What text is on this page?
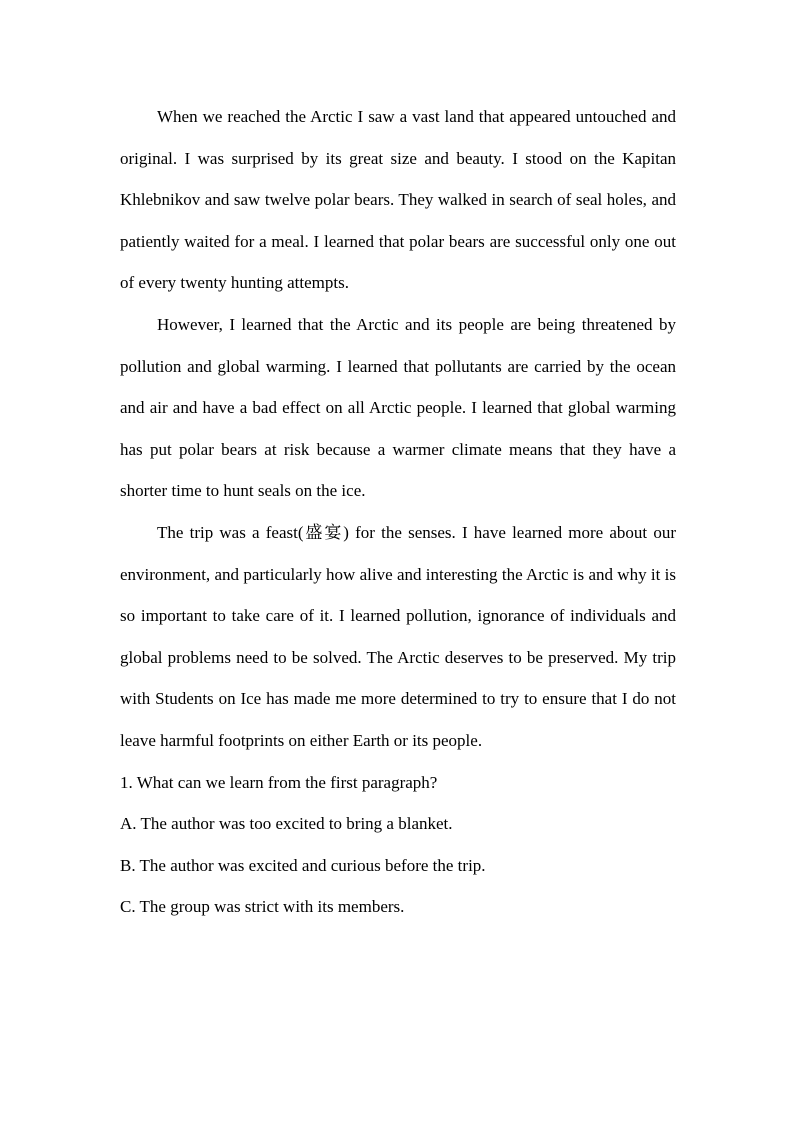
When we reached the Arctic I saw a vast land that appeared untouched and original. I was surprised by its great size and beauty. I stood on the Kapitan Khlebnikov and saw twelve polar bears. They walked in search of seal holes, and patiently waited for a meal. I learned that polar bears are successful only one out of every twenty hunting attempts.

However, I learned that the Arctic and its people are being threatened by pollution and global warming. I learned that pollutants are carried by the ocean and air and have a bad effect on all Arctic people. I learned that global warming has put polar bears at risk because a warmer climate means that they have a shorter time to hunt seals on the ice.

The trip was a feast(盛宴) for the senses. I have learned more about our environment, and particularly how alive and interesting the Arctic is and why it is so important to take care of it. I learned pollution, ignorance of individuals and global problems need to be solved. The Arctic deserves to be preserved. My trip with Students on Ice has made me more determined to try to ensure that I do not leave harmful footprints on either Earth or its people.

1. What can we learn from the first paragraph?

A. The author was too excited to bring a blanket.

B. The author was excited and curious before the trip.

C. The group was strict with its members.
